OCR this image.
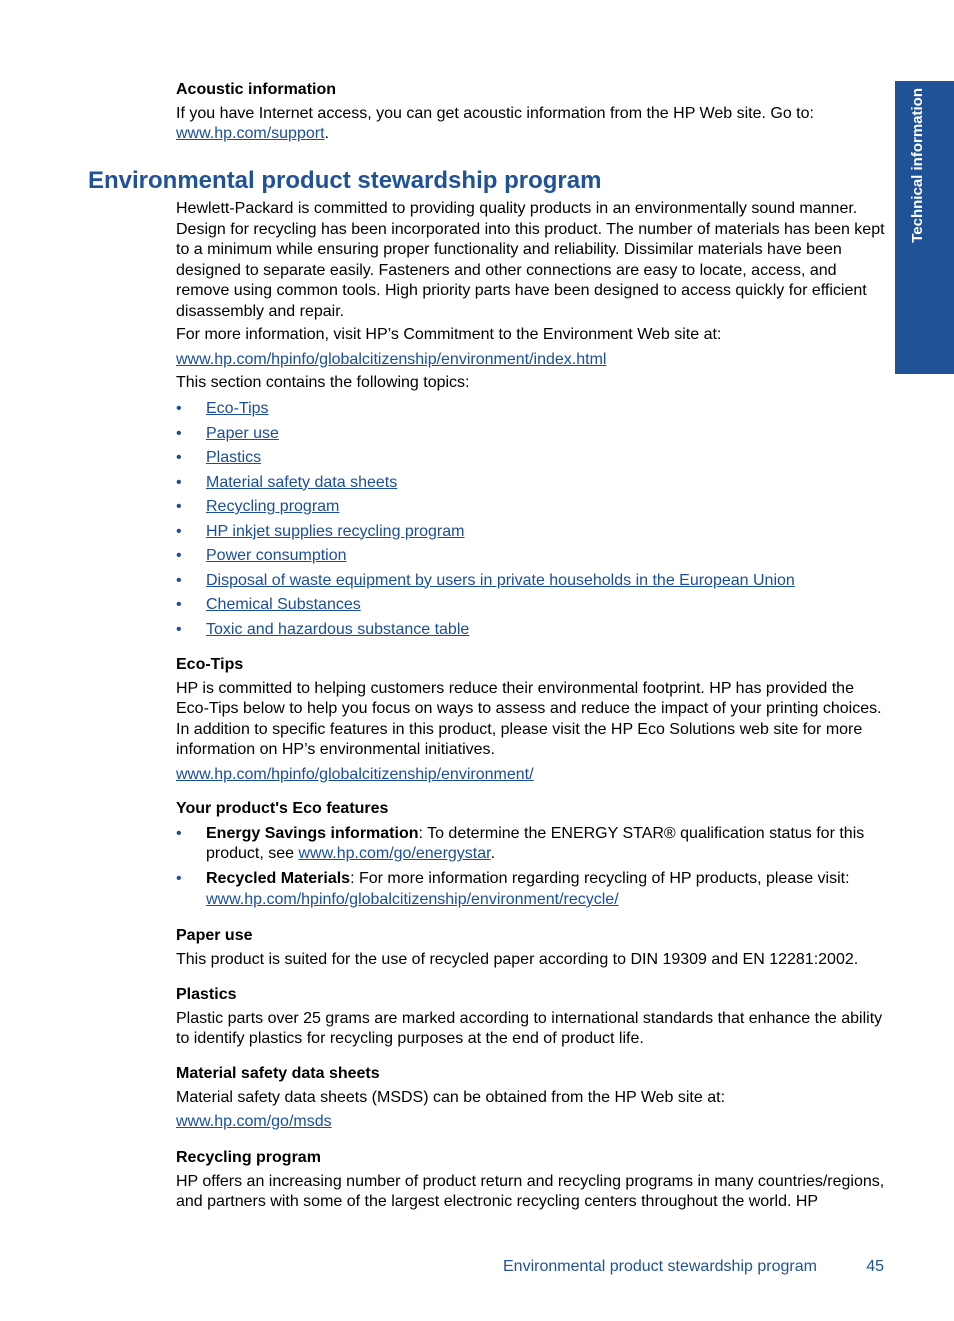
Technical information

Acoustic information

If you have Internet access, you can get acoustic information from the HP Web site. Go to:
www.hp.com/support.

Environmental product stewardship program

Hewlett-Packard is committed to providing quality products in an environmentally sound manner. Design for recycling has been incorporated into this product. The number of materials has been kept to a minimum while ensuring proper functionality and reliability. Dissimilar materials have been designed to separate easily. Fasteners and other connections are easy to locate, access, and remove using common tools. High priority parts have been designed to access quickly for efficient disassembly and repair.

For more information, visit HP’s Commitment to the Environment Web site at:

www.hp.com/hpinfo/globalcitizenship/environment/index.html

This section contains the following topics:

• Eco-Tips
• Paper use
• Plastics
• Material safety data sheets
• Recycling program
• HP inkjet supplies recycling program
• Power consumption
• Disposal of waste equipment by users in private households in the European Union
• Chemical Substances
• Toxic and hazardous substance table

Eco-Tips

HP is committed to helping customers reduce their environmental footprint. HP has provided the Eco-Tips below to help you focus on ways to assess and reduce the impact of your printing choices. In addition to specific features in this product, please visit the HP Eco Solutions web site for more information on HP’s environmental initiatives.

www.hp.com/hpinfo/globalcitizenship/environment/

Your product's Eco features

• Energy Savings information: To determine the ENERGY STAR® qualification status for this product, see www.hp.com/go/energystar.
• Recycled Materials: For more information regarding recycling of HP products, please visit:
www.hp.com/hpinfo/globalcitizenship/environment/recycle/

Paper use

This product is suited for the use of recycled paper according to DIN 19309 and EN 12281:2002.

Plastics

Plastic parts over 25 grams are marked according to international standards that enhance the ability to identify plastics for recycling purposes at the end of product life.

Material safety data sheets

Material safety data sheets (MSDS) can be obtained from the HP Web site at:

www.hp.com/go/msds

Recycling program

HP offers an increasing number of product return and recycling programs in many countries/regions, and partners with some of the largest electronic recycling centers throughout the world. HP

Environmental product stewardship program	45
